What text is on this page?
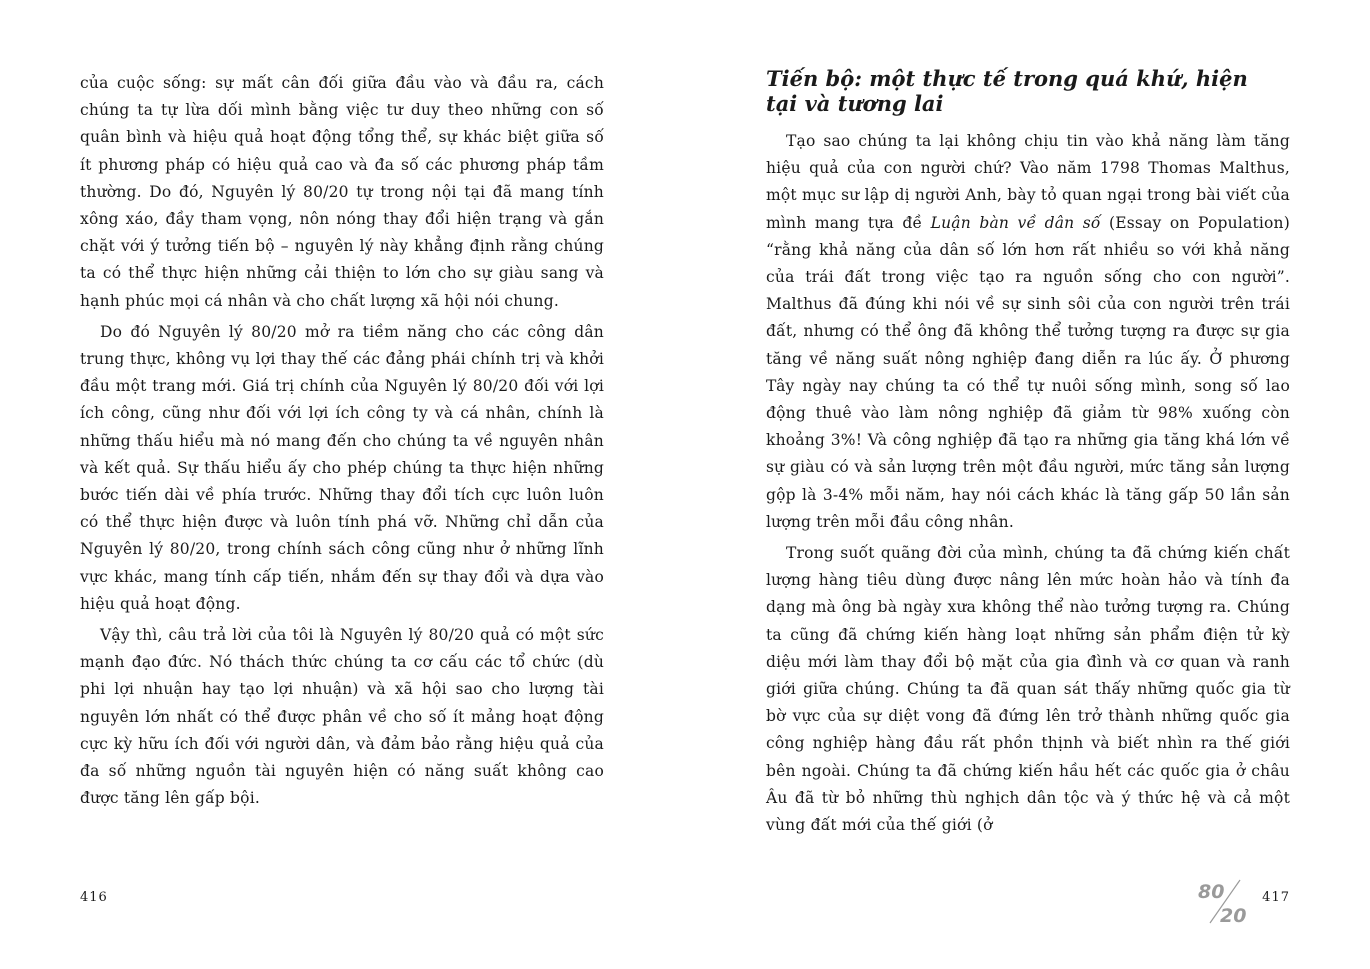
của cuộc sống: sự mất cân đối giữa đầu vào và đầu ra, cách chúng ta tự lừa dối mình bằng việc tư duy theo những con số quân bình và hiệu quả hoạt động tổng thể, sự khác biệt giữa số ít phương pháp có hiệu quả cao và đa số các phương pháp tầm thường. Do đó, Nguyên lý 80/20 tự trong nội tại đã mang tính xông xáo, đầy tham vọng, nôn nóng thay đổi hiện trạng và gắn chặt với ý tưởng tiến bộ – nguyên lý này khẳng định rằng chúng ta có thể thực hiện những cải thiện to lớn cho sự giàu sang và hạnh phúc mọi cá nhân và cho chất lượng xã hội nói chung.

Do đó Nguyên lý 80/20 mở ra tiềm năng cho các công dân trung thực, không vụ lợi thay thế các đảng phái chính trị và khởi đầu một trang mới. Giá trị chính của Nguyên lý 80/20 đối với lợi ích công, cũng như đối với lợi ích công ty và cá nhân, chính là những thấu hiểu mà nó mang đến cho chúng ta về nguyên nhân và kết quả. Sự thấu hiểu ấy cho phép chúng ta thực hiện những bước tiến dài về phía trước. Những thay đổi tích cực luôn luôn có thể thực hiện được và luôn tính phá vỡ. Những chỉ dẫn của Nguyên lý 80/20, trong chính sách công cũng như ở những lĩnh vực khác, mang tính cấp tiến, nhắm đến sự thay đổi và dựa vào hiệu quả hoạt động.

Vậy thì, câu trả lời của tôi là Nguyên lý 80/20 quả có một sức mạnh đạo đức. Nó thách thức chúng ta cơ cấu các tổ chức (dù phi lợi nhuận hay tạo lợi nhuận) và xã hội sao cho lượng tài nguyên lớn nhất có thể được phân về cho số ít mảng hoạt động cực kỳ hữu ích đối với người dân, và đảm bảo rằng hiệu quả của đa số những nguồn tài nguyên hiện có năng suất không cao được tăng lên gấp bội.

416
Tiến bộ: một thực tế trong quá khứ, hiện tại và tương lai

Tạo sao chúng ta lại không chịu tin vào khả năng làm tăng hiệu quả của con người chứ? Vào năm 1798 Thomas Malthus, một mục sư lập dị người Anh, bày tỏ quan ngại trong bài viết của mình mang tựa đề Luận bàn về dân số (Essay on Population) “rằng khả năng của dân số lớn hơn rất nhiều so với khả năng của trái đất trong việc tạo ra nguồn sống cho con người”. Malthus đã đúng khi nói về sự sinh sôi của con người trên trái đất, nhưng có thể ông đã không thể tưởng tượng ra được sự gia tăng về năng suất nông nghiệp đang diễn ra lúc ấy. Ở phương Tây ngày nay chúng ta có thể tự nuôi sống mình, song số lao động thuê vào làm nông nghiệp đã giảm từ 98% xuống còn khoảng 3%! Và công nghiệp đã tạo ra những gia tăng khá lớn về sự giàu có và sản lượng trên một đầu người, mức tăng sản lượng gộp là 3-4% mỗi năm, hay nói cách khác là tăng gấp 50 lần sản lượng trên mỗi đầu công nhân.

Trong suốt quãng đời của mình, chúng ta đã chứng kiến chất lượng hàng tiêu dùng được nâng lên mức hoàn hảo và tính đa dạng mà ông bà ngày xưa không thể nào tưởng tượng ra. Chúng ta cũng đã chứng kiến hàng loạt những sản phẩm điện tử kỳ diệu mới làm thay đổi bộ mặt của gia đình và cơ quan và ranh giới giữa chúng. Chúng ta đã quan sát thấy những quốc gia từ bờ vực của sự diệt vong đã đứng lên trở thành những quốc gia công nghiệp hàng đầu rất phồn thịnh và biết nhìn ra thế giới bên ngoài. Chúng ta đã chứng kiến hầu hết các quốc gia ở châu Âu đã từ bỏ những thù nghịch dân tộc và ý thức hệ và cả một vùng đất mới của thế giới (ở

80
20
417
